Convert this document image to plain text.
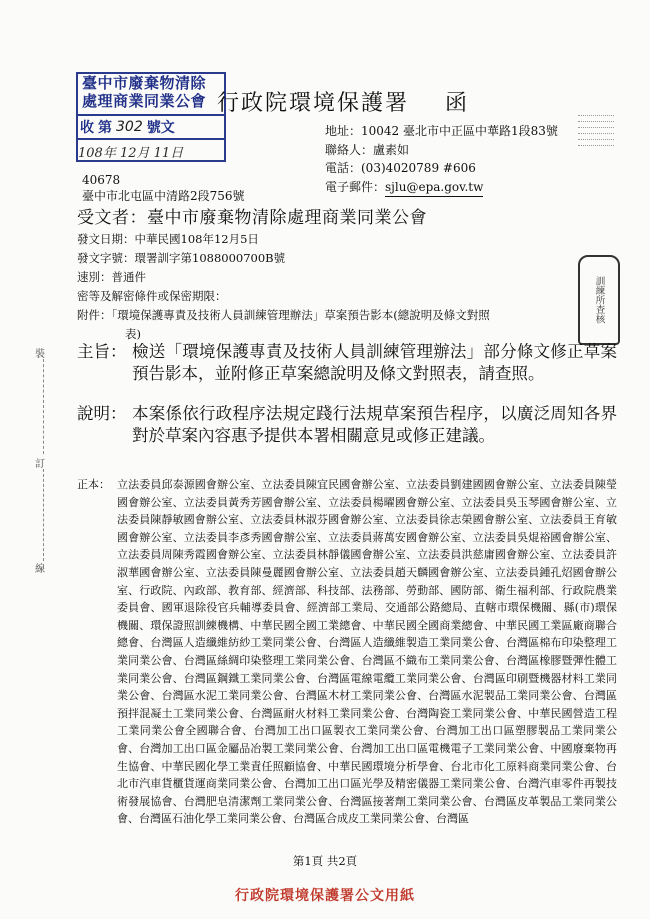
臺中市廢棄物清除
處理商業同業公會
收 第 302 號文
108年 12月 11日
行政院環境保護署 函
地址：10042 臺北市中正區中華路1段83號
聯絡人：盧素如
電話：(03)4020789 #606
電子郵件：sjlu@epa.gov.tw
40678
臺中市北屯區中清路2段756號
受文者：臺中市廢棄物清除處理商業同業公會
發文日期：中華民國108年12月5日
發文字號：環署訓字第1088000700B號
速別：普通件
密等及解密條件或保密期限：
附件：「環境保護專責及技術人員訓練管理辦法」草案預告影本(總說明及條文對照
表)
訓練所查核
裝
訂
線
主旨： 檢送「環境保護專責及技術人員訓練管理辦法」部分條文修正草案預告影本，並附修正草案總說明及條文對照表，請查照。
說明： 本案係依行政程序法規定踐行法規草案預告程序，以廣泛周知各界對於草案內容惠予提供本署相關意見或修正建議。
正本： 立法委員邱泰源國會辦公室、立法委員陳宜民國會辦公室、立法委員劉建國國會辦公室、立法委員陳瑩國會辦公室、立法委員黃秀芳國會辦公室、立法委員楊曜國會辦公室、立法委員吳玉琴國會辦公室、立法委員陳靜敏國會辦公室、立法委員林淑芬國會辦公室、立法委員徐志榮國會辦公室、立法委員王育敏國會辦公室、立法委員李彥秀國會辦公室、立法委員蔣萬安國會辦公室、立法委員吳焜裕國會辦公室、立法委員周陳秀霞國會辦公室、立法委員林靜儀國會辦公室、立法委員洪慈庸國會辦公室、立法委員許淑華國會辦公室、立法委員陳曼麗國會辦公室、立法委員趙天麟國會辦公室、立法委員鍾孔炤國會辦公室、行政院、內政部、教育部、經濟部、科技部、法務部、勞動部、國防部、衛生福利部、行政院農業委員會、國軍退除役官兵輔導委員會、經濟部工業局、交通部公路總局、直轄市環保機關、縣(市)環保機關、環保證照訓練機構、中華民國全國工業總會、中華民國全國商業總會、中華民國工業區廠商聯合總會、台灣區人造纖維紡紗工業同業公會、台灣區人造纖維製造工業同業公會、台灣區棉布印染整理工業同業公會、台灣區絲綢印染整理工業同業公會、台灣區不織布工業同業公會、台灣區橡膠暨彈性體工業同業公會、台灣區鋼鐵工業同業公會、台灣區電線電纜工業同業公會、台灣區印刷暨機器材料工業同業公會、台灣區水泥工業同業公會、台灣區木材工業同業公會、台灣區水泥製品工業同業公會、台灣區預拌混凝土工業同業公會、台灣區耐火材料工業同業公會、台灣陶瓷工業同業公會、中華民國營造工程工業同業公會全國聯合會、台灣加工出口區製衣工業同業公會、台灣加工出口區塑膠製品工業同業公會、台灣加工出口區金屬品冶製工業同業公會、台灣加工出口區電機電子工業同業公會、中國廢棄物再生協會、中華民國化學工業責任照顧協會、中華民國環境分析學會、台北市化工原料商業同業公會、台北市汽車貨櫃貨運商業同業公會、台灣加工出口區光學及精密儀器工業同業公會、台灣汽車零件再製技術發展協會、台灣肥皂清潔劑工業同業公會、台灣區接著劑工業同業公會、台灣區皮革製品工業同業公會、台灣區石油化學工業同業公會、台灣區合成皮工業同業公會、台灣區
第1頁 共2頁
行政院環境保護署公文用紙
